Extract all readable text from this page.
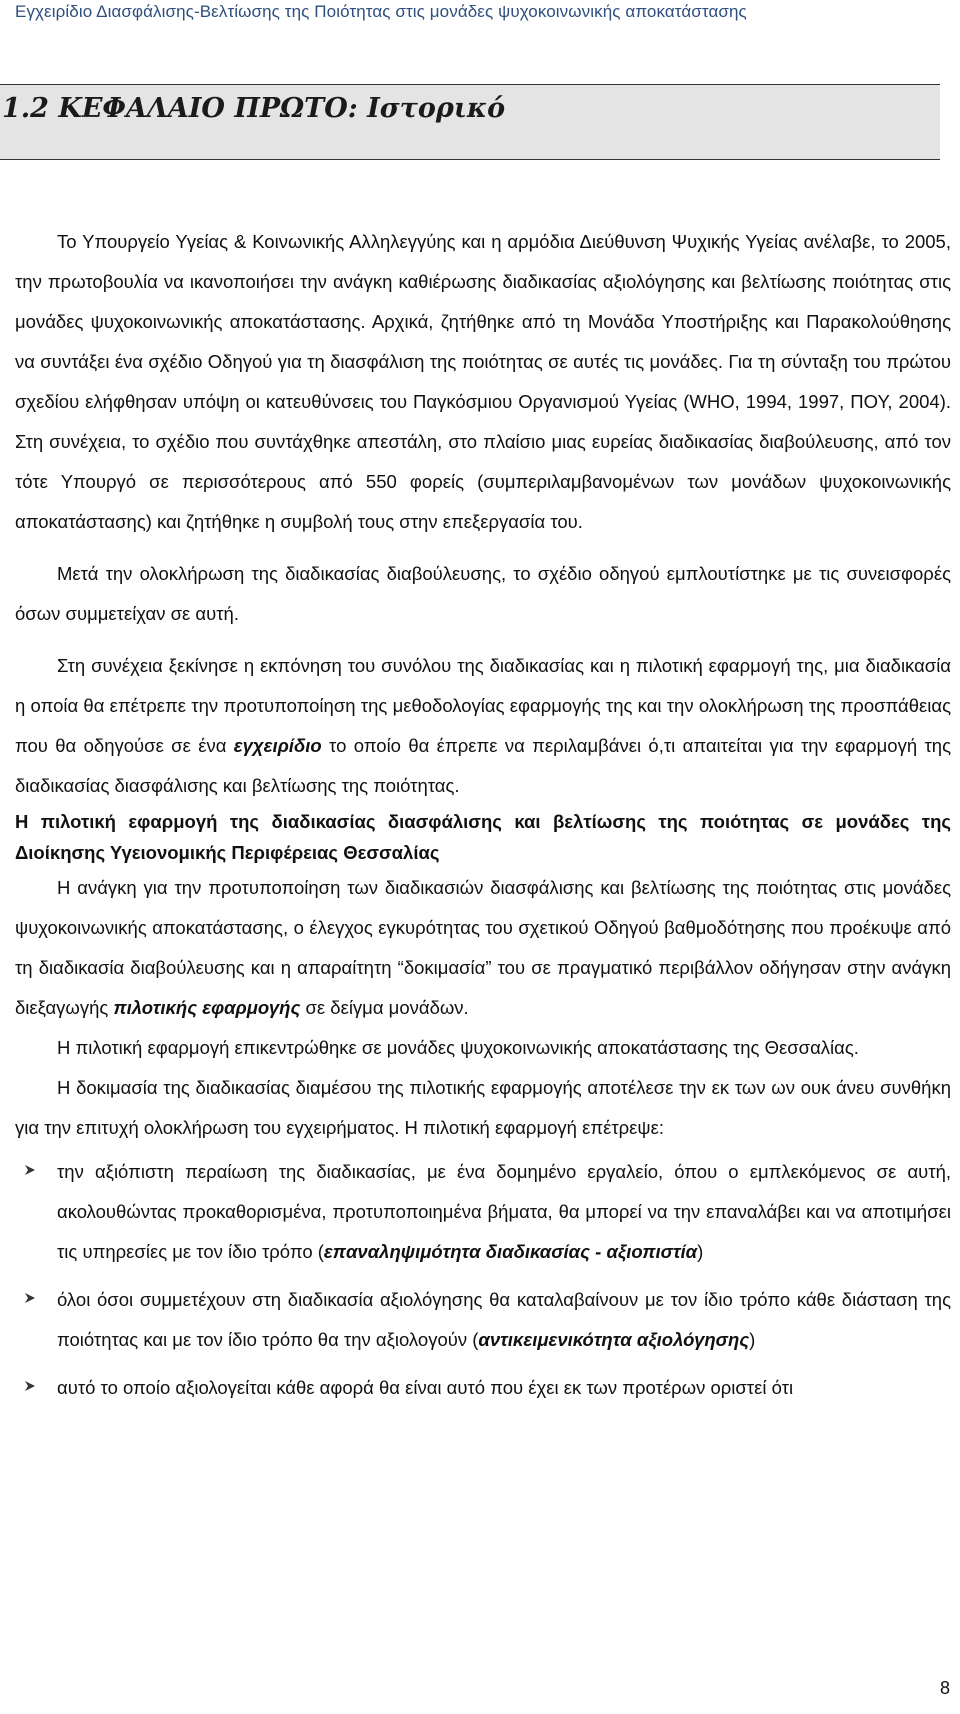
Εγχειρίδιο Διασφάλισης-Βελτίωσης της Ποιότητας στις μονάδες ψυχοκοινωνικής αποκατάστασης
1.2 ΚΕΦΑΛΑΙΟ ΠΡΩΤΟ: Ιστορικό

Το Υπουργείο Υγείας & Κοινωνικής Αλληλεγγύης και η αρμόδια Διεύθυνση Ψυχικής Υγείας ανέλαβε, το 2005, την πρωτοβουλία να ικανοποιήσει την ανάγκη καθιέρωσης διαδικασίας αξιολόγησης και βελτίωσης ποιότητας στις μονάδες ψυχοκοινωνικής αποκατάστασης. Αρχικά, ζητήθηκε από τη Μονάδα Υποστήριξης και Παρακολούθησης να συντάξει ένα σχέδιο Οδηγού για τη διασφάλιση της ποιότητας σε αυτές τις μονάδες. Για τη σύνταξη του πρώτου σχεδίου ελήφθησαν υπόψη οι κατευθύνσεις του Παγκόσμιου Οργανισμού Υγείας (WHO, 1994, 1997, ΠΟΥ, 2004). Στη συνέχεια, το σχέδιο που συντάχθηκε απεστάλη, στο πλαίσιο μιας ευρείας διαδικασίας διαβούλευσης, από τον τότε Υπουργό σε περισσότερους από 550 φορείς (συμπεριλαμβανομένων των μονάδων ψυχοκοινωνικής αποκατάστασης) και ζητήθηκε η συμβολή τους στην επεξεργασία του.

Μετά την ολοκλήρωση της διαδικασίας διαβούλευσης, το σχέδιο οδηγού εμπλουτίστηκε με τις συνεισφορές όσων συμμετείχαν σε αυτή.

Στη συνέχεια ξεκίνησε η εκπόνηση του συνόλου της διαδικασίας και η πιλοτική εφαρμογή της, μια διαδικασία η οποία θα επέτρεπε την προτυποποίηση της μεθοδολογίας εφαρμογής της και την ολοκλήρωση της προσπάθειας που θα οδηγούσε σε ένα εγχειρίδιο το οποίο θα έπρεπε να περιλαμβάνει ό,τι απαιτείται για την εφαρμογή της διαδικασίας διασφάλισης και βελτίωσης της ποιότητας.

Η πιλοτική εφαρμογή της διαδικασίας διασφάλισης και βελτίωσης της ποιότητας σε μονάδες της Διοίκησης Υγειονομικής Περιφέρειας Θεσσαλίας

Η ανάγκη για την προτυποποίηση των διαδικασιών διασφάλισης και βελτίωσης της ποιότητας στις μονάδες ψυχοκοινωνικής αποκατάστασης, ο έλεγχος εγκυρότητας του σχετικού Οδηγού βαθμοδότησης που προέκυψε από τη διαδικασία διαβούλευσης και η απαραίτητη “δοκιμασία” του σε πραγματικό περιβάλλον οδήγησαν στην ανάγκη διεξαγωγής πιλοτικής εφαρμογής σε δείγμα μονάδων.

Η πιλοτική εφαρμογή επικεντρώθηκε σε μονάδες ψυχοκοινωνικής αποκατάστασης της Θεσσαλίας.

Η δοκιμασία της διαδικασίας διαμέσου της πιλοτικής εφαρμογής αποτέλεσε την εκ των ων ουκ άνευ συνθήκη για την επιτυχή ολοκλήρωση του εγχειρήματος. Η πιλοτική εφαρμογή επέτρεψε:

την αξιόπιστη περαίωση της διαδικασίας, με ένα δομημένο εργαλείο, όπου ο εμπλεκόμενος σε αυτή, ακολουθώντας προκαθορισμένα, προτυποποιημένα βήματα, θα μπορεί να την επαναλάβει και να αποτιμήσει τις υπηρεσίες με τον ίδιο τρόπο (επαναληψιμότητα διαδικασίας - αξιοπιστία)
όλοι όσοι συμμετέχουν στη διαδικασία αξιολόγησης θα καταλαβαίνουν με τον ίδιο τρόπο κάθε διάσταση της ποιότητας και με τον ίδιο τρόπο θα την αξιολογούν (αντικειμενικότητα αξιολόγησης)
αυτό το οποίο αξιολογείται κάθε αφορά θα είναι αυτό που έχει εκ των προτέρων οριστεί ότι
8
